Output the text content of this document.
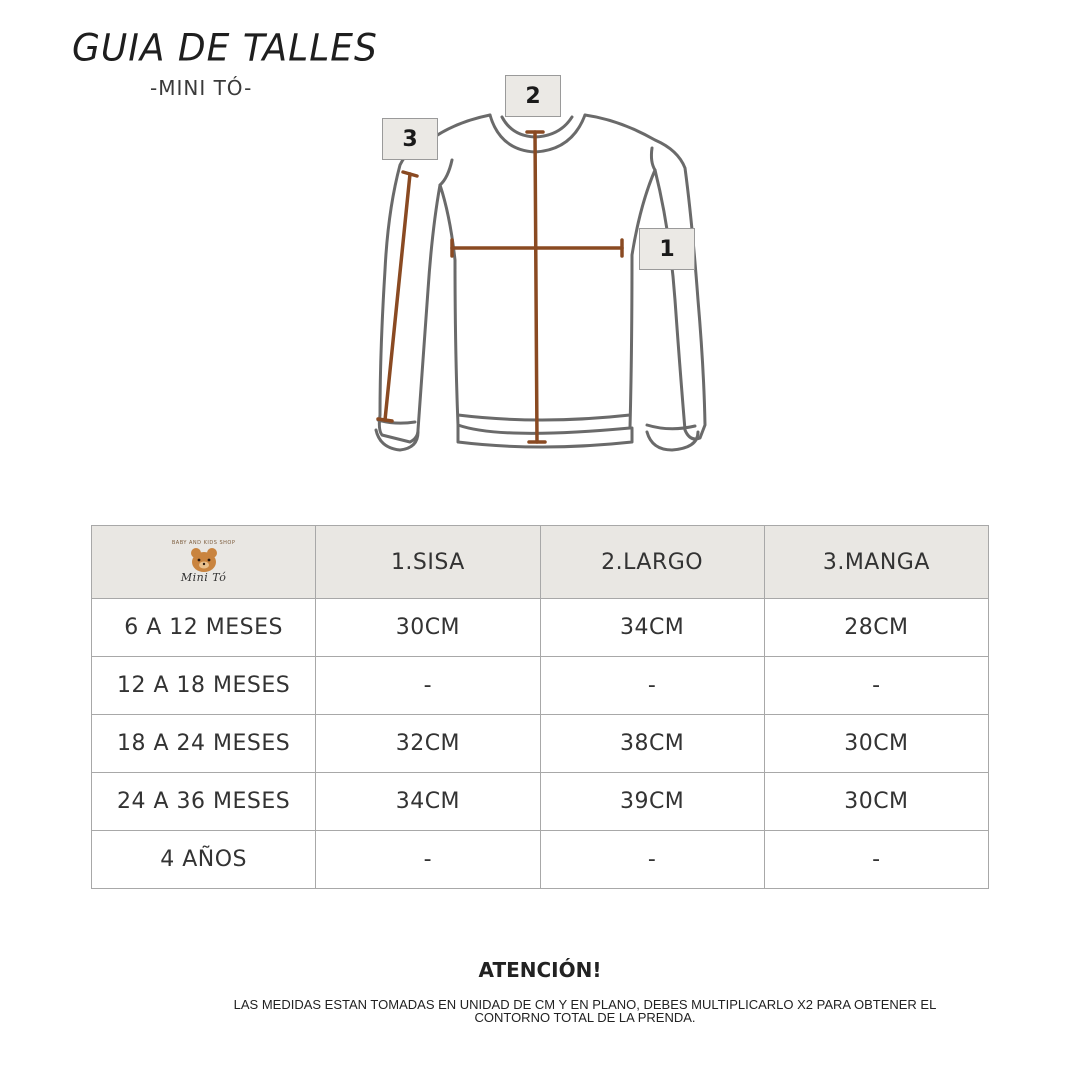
GUIA DE TALLES
-MINI TÓ-	2
3
1
BABY AND KIDS SHOP
Mini Tó	1.SISA	2.LARGO	3.MANGA
6 A 12 MESES	30CM	34CM	28CM
12 A 18 MESES	-	-	-
18 A 24 MESES	32CM	38CM	30CM
24 A 36 MESES	34CM	39CM	30CM
4 AÑOS	-	-	-
ATENCIÓN!
LAS MEDIDAS ESTAN TOMADAS EN UNIDAD DE CM Y EN PLANO, DEBES MULTIPLICARLO X2 PARA OBTENER EL CONTORNO TOTAL DE LA PRENDA.
